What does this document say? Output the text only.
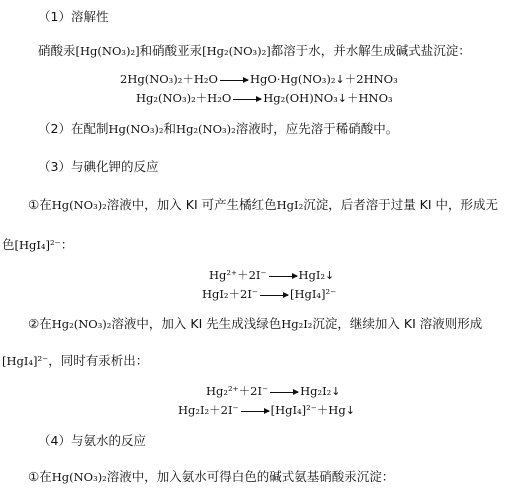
（1）溶解性
硝酸汞[Hg(NO₃)₂]和硝酸亚汞[Hg₂(NO₃)₂]都溶于水，并水解生成碱式盐沉淀：
2Hg(NO₃)₂＋H₂O → HgO·Hg(NO₃)₂↓＋2HNO₃
Hg₂(NO₃)₂＋H₂O → Hg₂(OH)NO₃↓＋HNO₃
（2）在配制Hg(NO₃)₂和Hg₂(NO₃)₂溶液时，应先溶于稀硝酸中。
（3）与碘化钾的反应
①在Hg(NO₃)₂溶液中，加入 KI 可产生橘红色HgI₂沉淀，后者溶于过量 KI 中，形成无
色[HgI₄]²⁻：
Hg²⁺＋2I⁻ → HgI₂↓
HgI₂＋2I⁻ → [HgI₄]²⁻
②在Hg₂(NO₃)₂溶液中，加入 KI 先生成浅绿色Hg₂I₂沉淀，继续加入 KI 溶液则形成
[HgI₄]²⁻，同时有汞析出：
Hg₂²⁺＋2I⁻ → Hg₂I₂↓
Hg₂I₂＋2I⁻ → [HgI₄]²⁻＋Hg↓
（4）与氨水的反应
①在Hg(NO₃)₂溶液中，加入氨水可得白色的碱式氨基硝酸汞沉淀：
